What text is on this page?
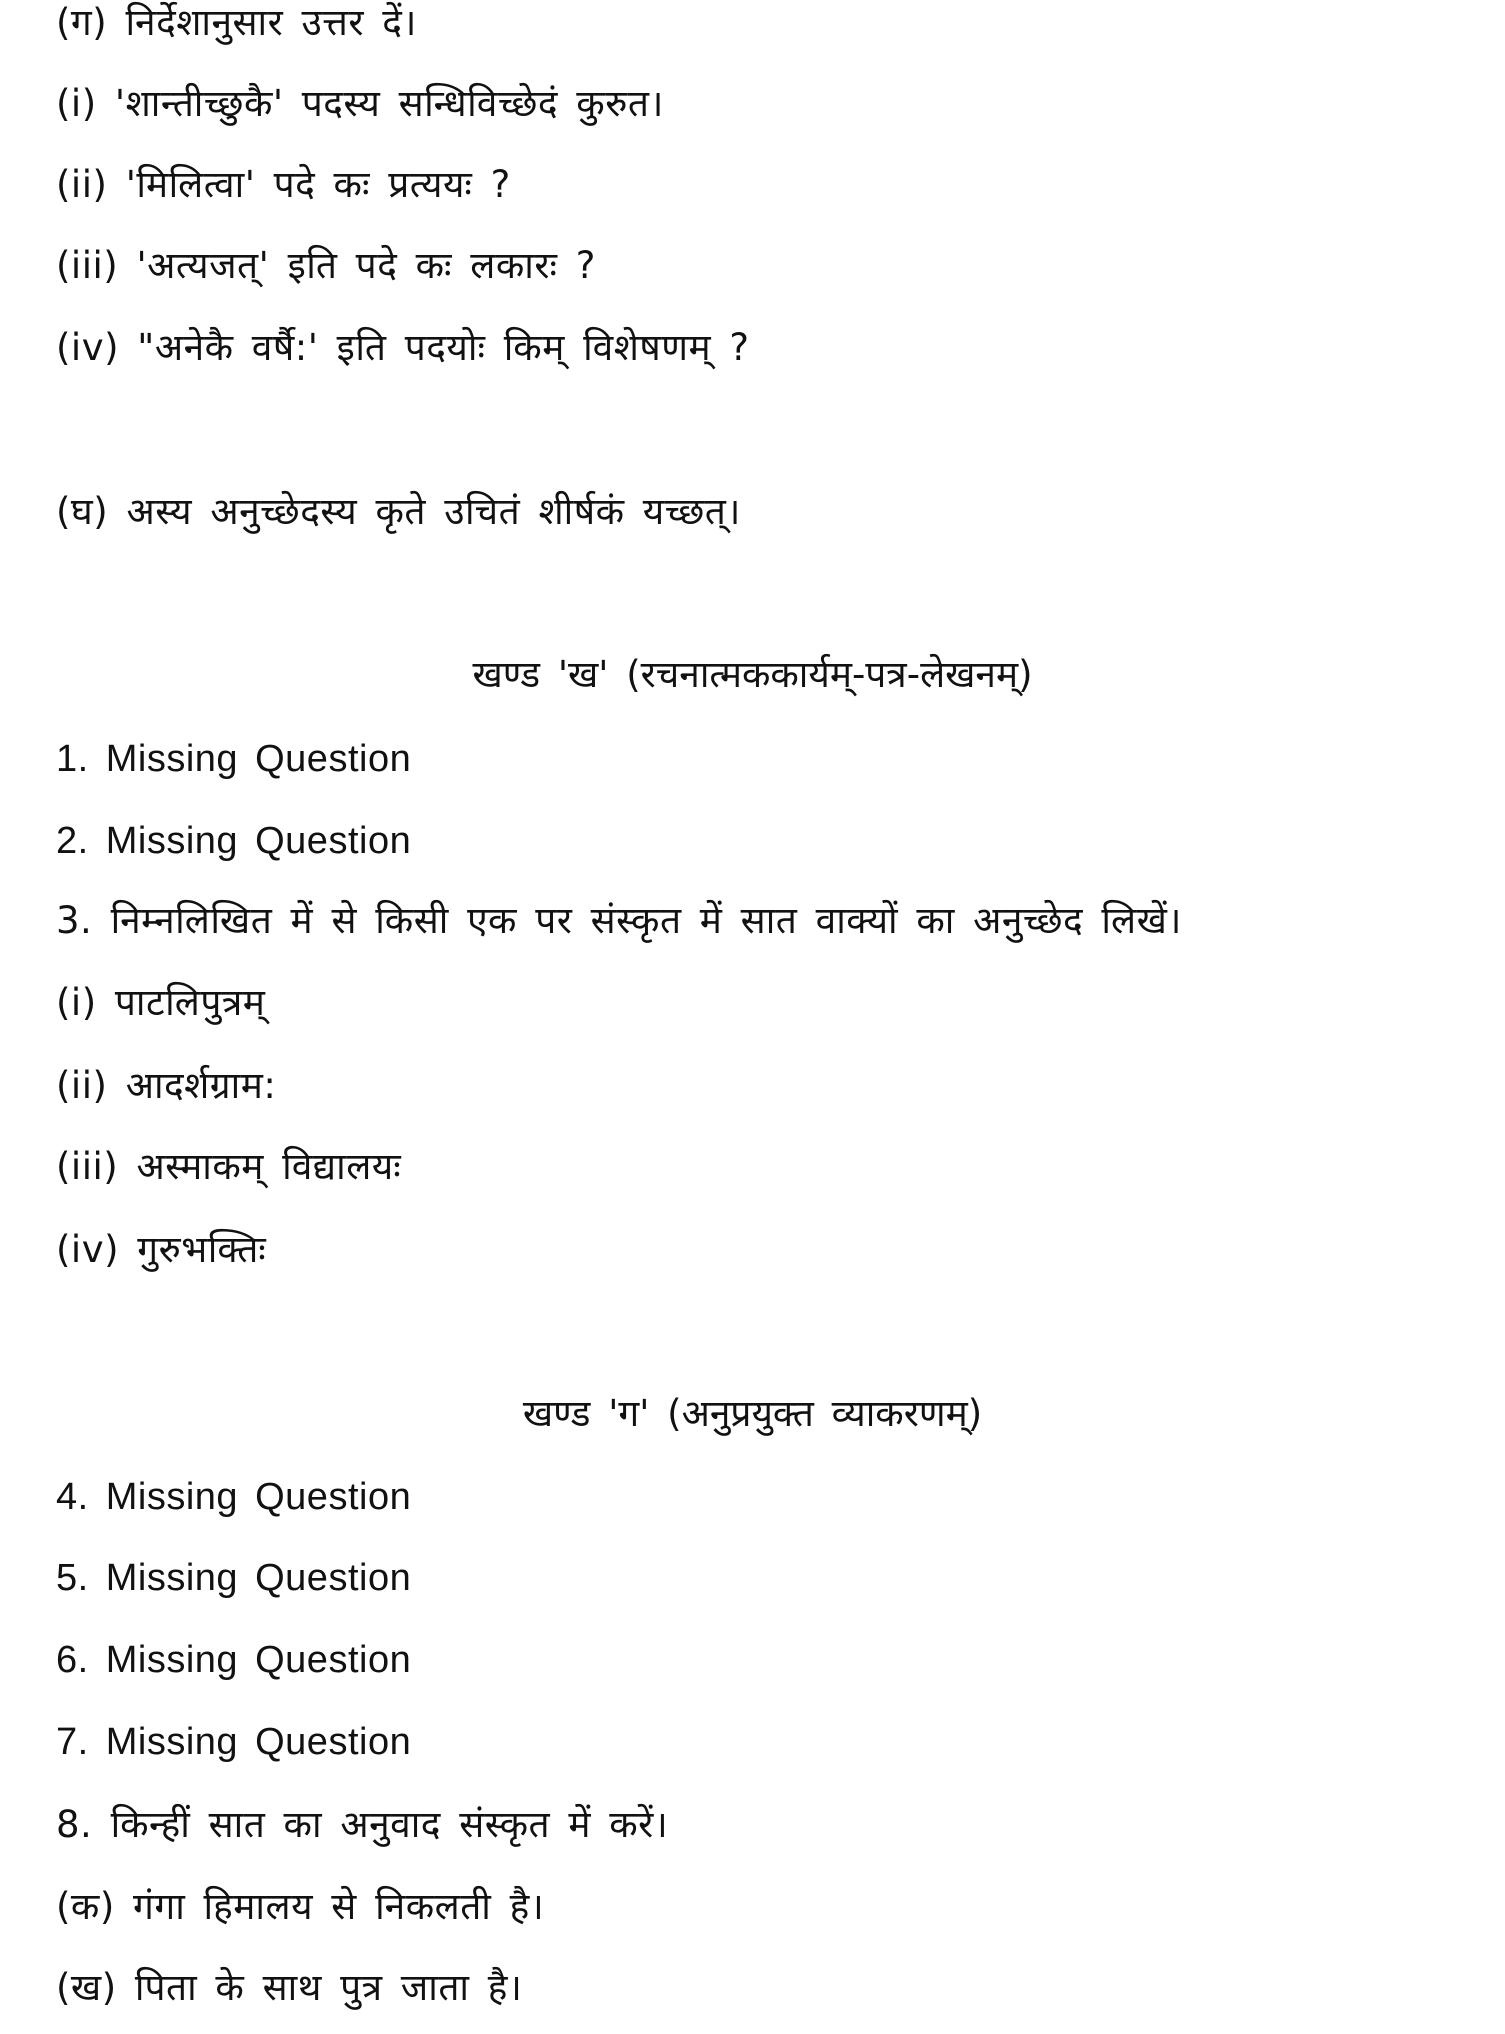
(ग) निर्देशानुसार उत्तर दें।
(i) 'शान्तीच्छुकै' पदस्य सन्धिविच्छेदं कुरुत।
(ii) 'मिलित्वा' पदे कः प्रत्ययः ?
(iii) 'अत्यजत्' इति पदे कः लकारः ?
(iv) "अनेकै वर्षै:' इति पदयोः किम् विशेषणम् ?
(घ) अस्य अनुच्छेदस्य कृते उचितं शीर्षकं यच्छत्।
खण्ड 'ख' (रचनात्मककार्यम्-पत्र-लेखनम्)
1. Missing Question
2. Missing Question
3. निम्नलिखित में से किसी एक पर संस्कृत में सात वाक्यों का अनुच्छेद लिखें।
(i) पाटलिपुत्रम्
(ii) आदर्शग्राम:
(iii) अस्माकम् विद्यालयः
(iv) गुरुभक्तिः
खण्ड 'ग' (अनुप्रयुक्त व्याकरणम्)
4. Missing Question
5. Missing Question
6. Missing Question
7. Missing Question
8. किन्हीं सात का अनुवाद संस्कृत में करें।
(क) गंगा हिमालय से निकलती है।
(ख) पिता के साथ पुत्र जाता है।
